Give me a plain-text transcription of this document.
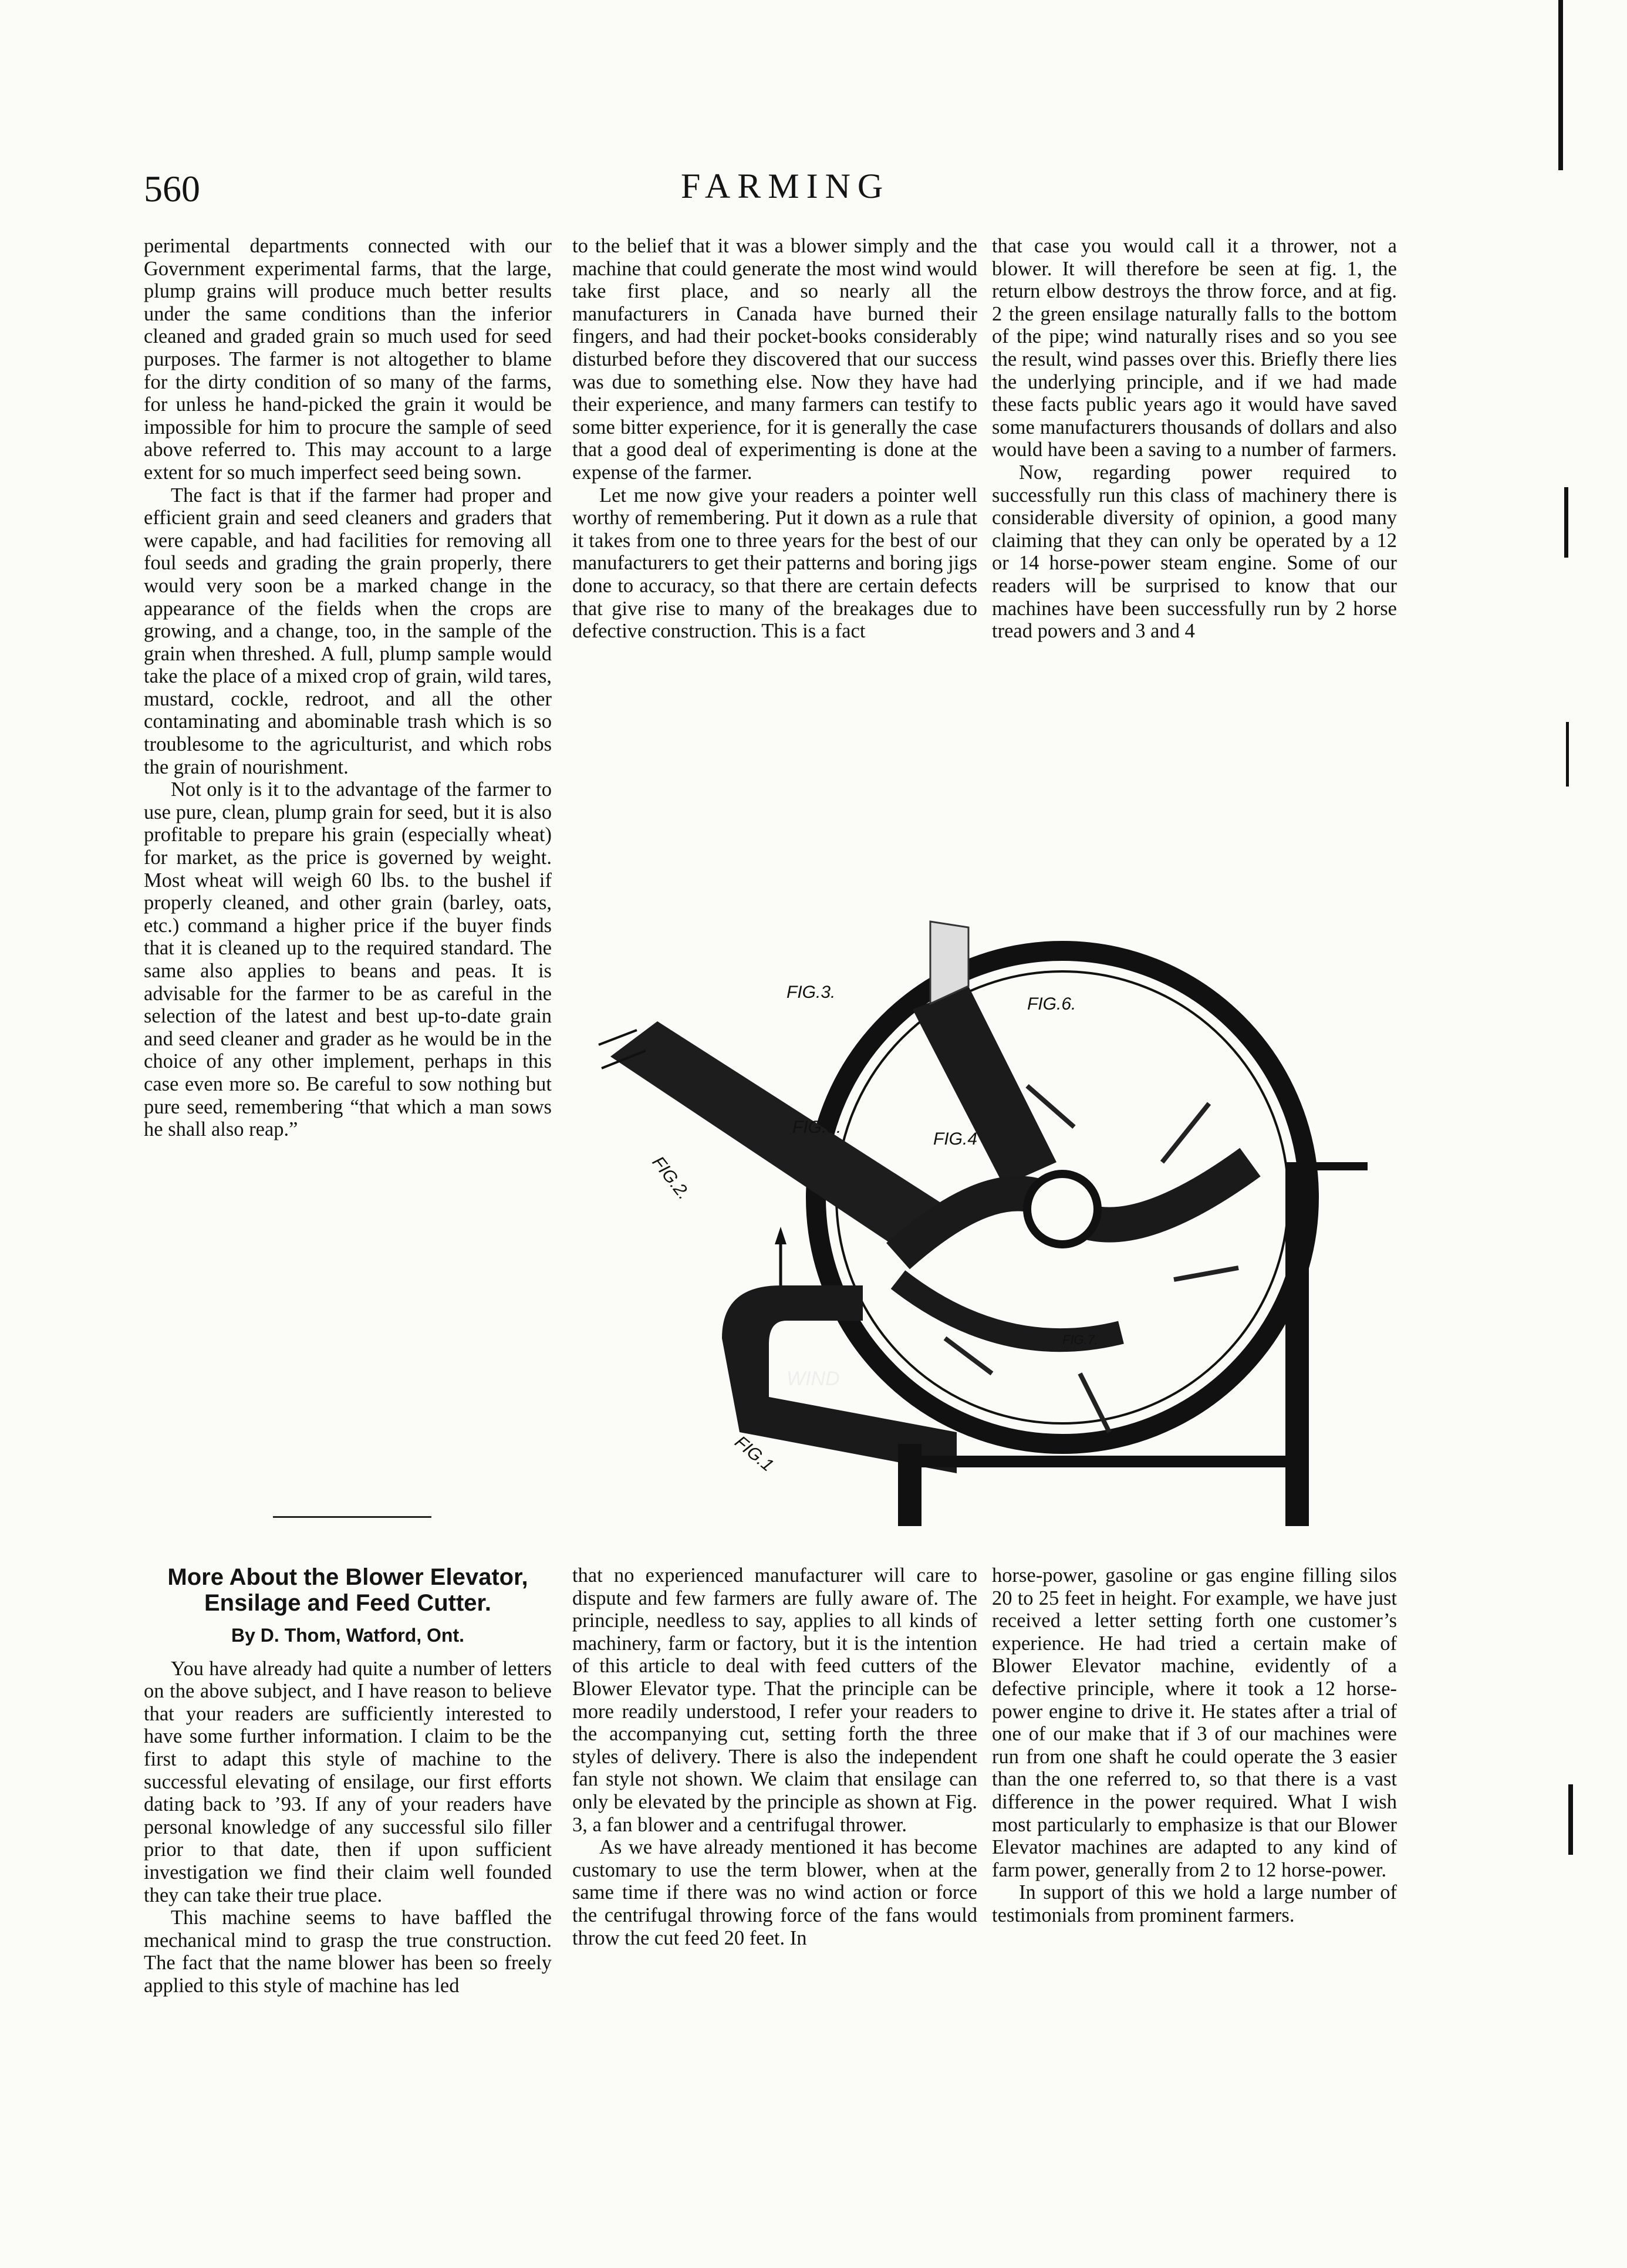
560	FARMING

perimental departments connected with our Government experimental farms, that the large, plump grains will produce much better results under the same conditions than the inferior cleaned and graded grain so much used for seed purposes. The farmer is not altogether to blame for the dirty condition of so many of the farms, for unless he hand-picked the grain it would be impossible for him to procure the sample of seed above referred to. This may account to a large extent for so much imperfect seed being sown.

The fact is that if the farmer had proper and efficient grain and seed cleaners and graders that were capable, and had facilities for removing all foul seeds and grading the grain properly, there would very soon be a marked change in the appearance of the fields when the crops are growing, and a change, too, in the sample of the grain when threshed. A full, plump sample would take the place of a mixed crop of grain, wild tares, mustard, cockle, redroot, and all the other contaminating and abominable trash which is so troublesome to the agriculturist, and which robs the grain of nourishment.

Not only is it to the advantage of the farmer to use pure, clean, plump grain for seed, but it is also profitable to prepare his grain (especially wheat) for market, as the price is governed by weight. Most wheat will weigh 60 lbs. to the bushel if properly cleaned, and other grain (barley, oats, etc.) command a higher price if the buyer finds that it is cleaned up to the required standard. The same also applies to beans and peas. It is advisable for the farmer to be as careful in the selection of the latest and best up-to-date grain and seed cleaner and grader as he would be in the choice of any other implement, perhaps in this case even more so. Be careful to sow nothing but pure seed, remembering “that which a man sows he shall also reap.”

to the belief that it was a blower simply and the machine that could generate the most wind would take first place, and so nearly all the manufacturers in Canada have burned their fingers, and had their pocket-books considerably disturbed before they discovered that our success was due to something else. Now they have had their experience, and many farmers can testify to some bitter experience, for it is generally the case that a good deal of experimenting is done at the expense of the farmer.

Let me now give your readers a pointer well worthy of remembering. Put it down as a rule that it takes from one to three years for the best of our manufacturers to get their patterns and boring jigs done to accuracy, so that there are certain defects that give rise to many of the breakages due to defective construction. This is a fact

that case you would call it a thrower, not a blower. It will therefore be seen at fig. 1, the return elbow destroys the throw force, and at fig. 2 the green ensilage naturally falls to the bottom of the pipe; wind naturally rises and so you see the result, wind passes over this. Briefly there lies the underlying principle, and if we had made these facts public years ago it would have saved some manufacturers thousands of dollars and also would have been a saving to a number of farmers.

Now, regarding power required to successfully run this class of machinery there is considerable diversity of opinion, a good many claiming that they can only be operated by a 12 or 14 horse-power steam engine. Some of our readers will be surprised to know that our machines have been successfully run by 2 horse tread powers and 3 and 4

More About the Blower Elevator, Ensilage and Feed Cutter.
By D. Thom, Watford, Ont.

You have already had quite a number of letters on the above subject, and I have reason to believe that your readers are sufficiently interested to have some further information. I claim to be the first to adapt this style of machine to the successful elevating of ensilage, our first efforts dating back to ’93. If any of your readers have personal knowledge of any successful silo filler prior to that date, then if upon sufficient investigation we find their claim well founded they can take their true place.

This machine seems to have baffled the mechanical mind to grasp the true construction. The fact that the name blower has been so freely applied to this style of machine has led

that no experienced manufacturer will care to dispute and few farmers are fully aware of. The principle, needless to say, applies to all kinds of machinery, farm or factory, but it is the intention of this article to deal with feed cutters of the Blower Elevator type. That the principle can be more readily understood, I refer your readers to the accompanying cut, setting forth the three styles of delivery. There is also the independent fan style not shown. We claim that ensilage can only be elevated by the principle as shown at Fig. 3, a fan blower and a centrifugal thrower.

As we have already mentioned it has become customary to use the term blower, when at the same time if there was no wind action or force the centrifugal throwing force of the fans would throw the cut feed 20 feet. In

horse-power, gasoline or gas engine filling silos 20 to 25 feet in height. For example, we have just received a letter setting forth one customer’s experience. He had tried a certain make of Blower Elevator machine, evidently of a defective principle, where it took a 12 horse-power engine to drive it. He states after a trial of one of our make that if 3 of our machines were run from one shaft he could operate the 3 easier than the one referred to, so that there is a vast difference in the power required. What I wish most particularly to emphasize is that our Blower Elevator machines are adapted to any kind of farm power, generally from 2 to 12 horse-power.

In support of this we hold a large number of testimonials from prominent farmers.

FIG.3.
FIG.6.
FIG.5.
FIG.4
FIG.2.
FIG.7.
WIND
FIG.1
